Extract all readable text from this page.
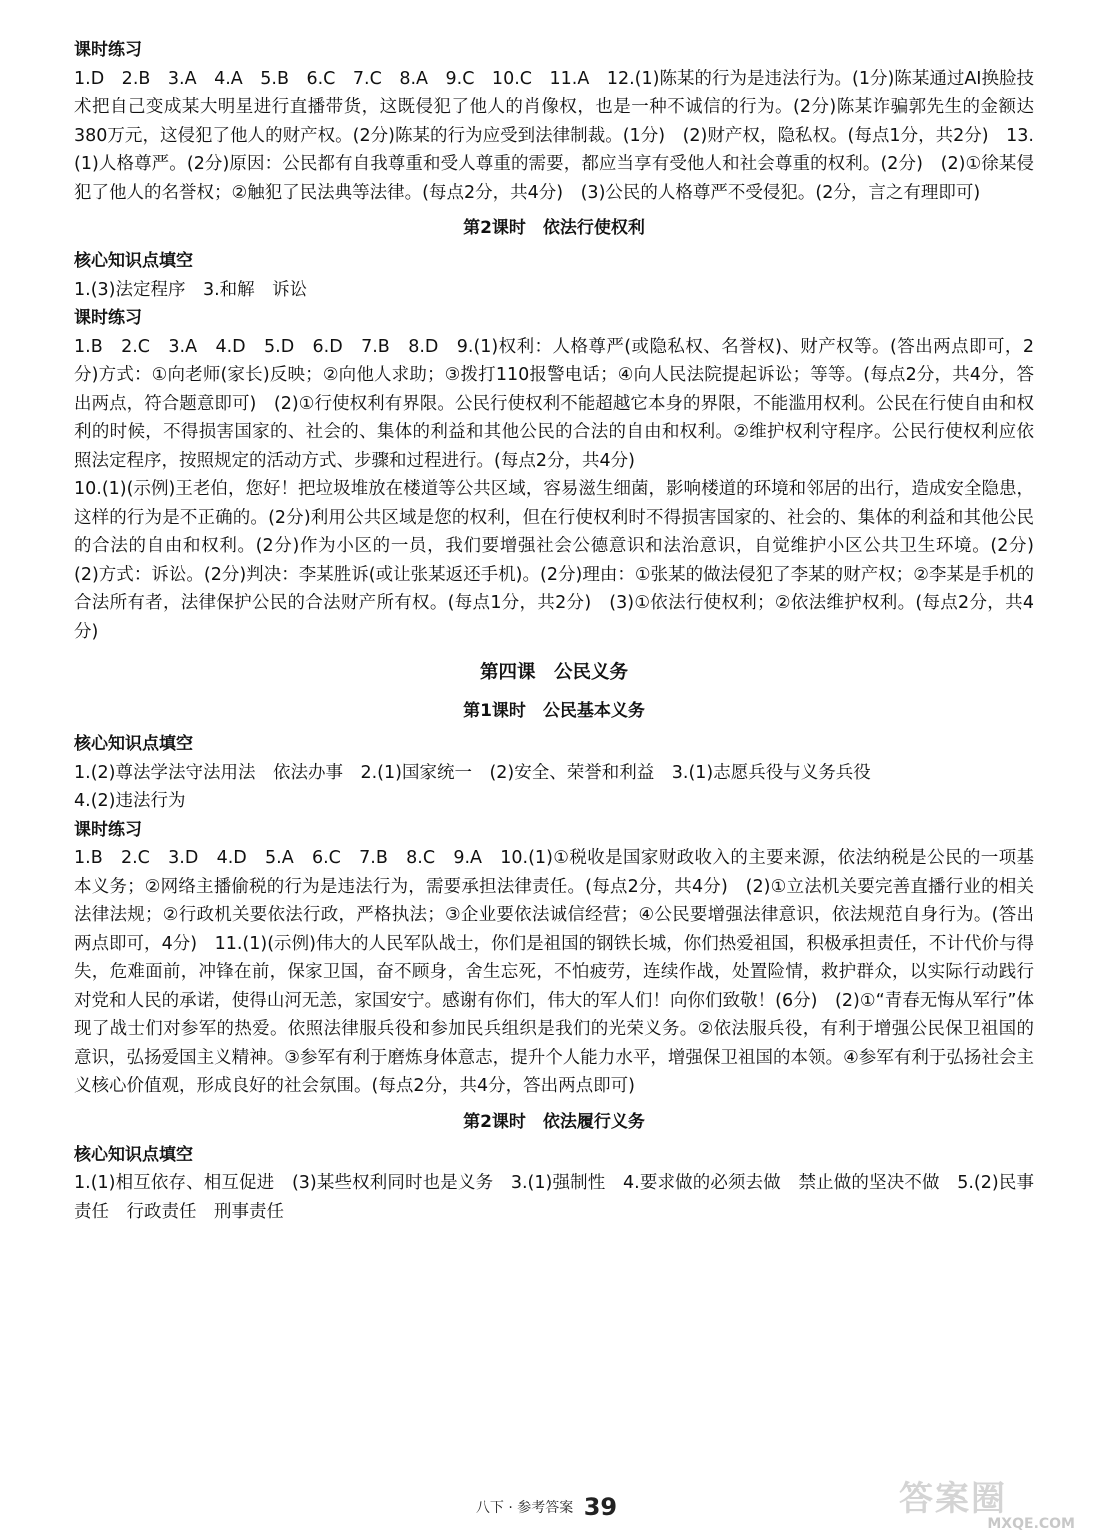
课时练习

1.D　2.B　3.A　4.A　5.B　6.C　7.C　8.A　9.C　10.C　11.A　12.(1)陈某的行为是违法行为。(1分)陈某通过AI换脸技术把自己变成某大明星进行直播带货，这既侵犯了他人的肖像权，也是一种不诚信的行为。(2分)陈某诈骗郭先生的金额达380万元，这侵犯了他人的财产权。(2分)陈某的行为应受到法律制裁。(1分)　(2)财产权，隐私权。(每点1分，共2分)　13.(1)人格尊严。(2分)原因：公民都有自我尊重和受人尊重的需要，都应当享有受他人和社会尊重的权利。(2分)　(2)①徐某侵犯了他人的名誉权；②触犯了民法典等法律。(每点2分，共4分)　(3)公民的人格尊严不受侵犯。(2分，言之有理即可)

第2课时　依法行使权利

核心知识点填空

1.(3)法定程序　3.和解　诉讼

课时练习

1.B　2.C　3.A　4.D　5.D　6.D　7.B　8.D　9.(1)权利：人格尊严(或隐私权、名誉权)、财产权等。(答出两点即可，2分)方式：①向老师(家长)反映；②向他人求助；③拨打110报警电话；④向人民法院提起诉讼；等等。(每点2分，共4分，答出两点，符合题意即可)　(2)①行使权利有界限。公民行使权利不能超越它本身的界限，不能滥用权利。公民在行使自由和权利的时候，不得损害国家的、社会的、集体的利益和其他公民的合法的自由和权利。②维护权利守程序。公民行使权利应依照法定程序，按照规定的活动方式、步骤和过程进行。(每点2分，共4分)

10.(1)(示例)王老伯，您好！把垃圾堆放在楼道等公共区域，容易滋生细菌，影响楼道的环境和邻居的出行，造成安全隐患，这样的行为是不正确的。(2分)利用公共区域是您的权利，但在行使权利时不得损害国家的、社会的、集体的利益和其他公民的合法的自由和权利。(2分)作为小区的一员，我们要增强社会公德意识和法治意识，自觉维护小区公共卫生环境。(2分)　(2)方式：诉讼。(2分)判决：李某胜诉(或让张某返还手机)。(2分)理由：①张某的做法侵犯了李某的财产权；②李某是手机的合法所有者，法律保护公民的合法财产所有权。(每点1分，共2分)　(3)①依法行使权利；②依法维护权利。(每点2分，共4分)

第四课　公民义务

第1课时　公民基本义务

核心知识点填空

1.(2)尊法学法守法用法　依法办事　2.(1)国家统一　(2)安全、荣誉和利益　3.(1)志愿兵役与义务兵役

4.(2)违法行为

课时练习

1.B　2.C　3.D　4.D　5.A　6.C　7.B　8.C　9.A　10.(1)①税收是国家财政收入的主要来源，依法纳税是公民的一项基本义务；②网络主播偷税的行为是违法行为，需要承担法律责任。(每点2分，共4分)　(2)①立法机关要完善直播行业的相关法律法规；②行政机关要依法行政，严格执法；③企业要依法诚信经营；④公民要增强法律意识，依法规范自身行为。(答出两点即可，4分)　11.(1)(示例)伟大的人民军队战士，你们是祖国的钢铁长城，你们热爱祖国，积极承担责任，不计代价与得失，危难面前，冲锋在前，保家卫国，奋不顾身，舍生忘死，不怕疲劳，连续作战，处置险情，救护群众，以实际行动践行对党和人民的承诺，使得山河无恙，家国安宁。感谢有你们，伟大的军人们！向你们致敬！(6分)　(2)①“青春无悔从军行”体现了战士们对参军的热爱。依照法律服兵役和参加民兵组织是我们的光荣义务。②依法服兵役，有利于增强公民保卫祖国的意识，弘扬爱国主义精神。③参军有利于磨炼身体意志，提升个人能力水平，增强保卫祖国的本领。④参军有利于弘扬社会主义核心价值观，形成良好的社会氛围。(每点2分，共4分，答出两点即可)

第2课时　依法履行义务

核心知识点填空

1.(1)相互依存、相互促进　(3)某些权利同时也是义务　3.(1)强制性　4.要求做的必须去做　禁止做的坚决不做　5.(2)民事责任　行政责任　刑事责任

八下 · 参考答案 39	答案圈
MXQE.COM
